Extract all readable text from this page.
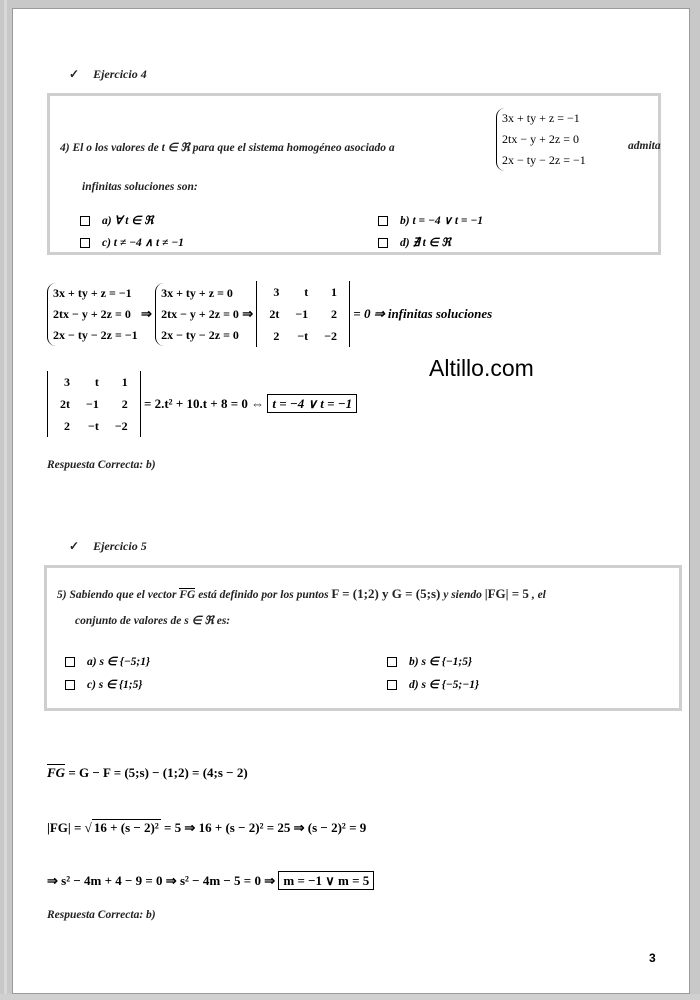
✓ Ejercicio 4
4) El o los valores de t ∈ ℜ para que el sistema homogéneo asociado a
3x + ty + z = −1
2tx − y + 2z = 0
2x − ty − 2z = −1
admita
infinitas soluciones son:
a) ∀ t ∈ ℜ	b) t = −4 ∨ t = −1
c) t ≠ −4 ∧ t ≠ −1	d) ∄ t ∈ ℜ
3x + ty + z = −1
2tx − y + 2z = 0
2x − ty − 2z = −1
⇒
3x + ty + z = 0
2tx − y + 2z = 0
2x − ty − 2z = 0
⇒
3	t	1
2t	−1	2
2	−t	−2
= 0 ⇒ infinitas soluciones
Altillo.com
3	t	1
2t	−1	2
2	−t	−2
= 2.t² + 10.t + 8 = 0 ⇔ t = −4 ∨ t = −1
Respuesta Correcta: b)
✓ Ejercicio 5
5) Sabiendo que el vector FG está definido por los puntos F = (1;2) y G = (5;s) y siendo |FG| = 5 , el
conjunto de valores de s ∈ ℜ es:
a) s ∈ {−5;1}	b) s ∈ {−1;5}
c) s ∈ {1;5}	d) s ∈ {−5;−1}
FG = G − F = (5;s) − (1;2) = (4;s − 2)
|FG| = √ 16 + (s − 2)² = 5 ⇒ 16 + (s − 2)² = 25 ⇒ (s − 2)² = 9
⇒ s² − 4m + 4 − 9 = 0 ⇒ s² − 4m − 5 = 0 ⇒ m = −1 ∨ m = 5
Respuesta Correcta: b)
3
